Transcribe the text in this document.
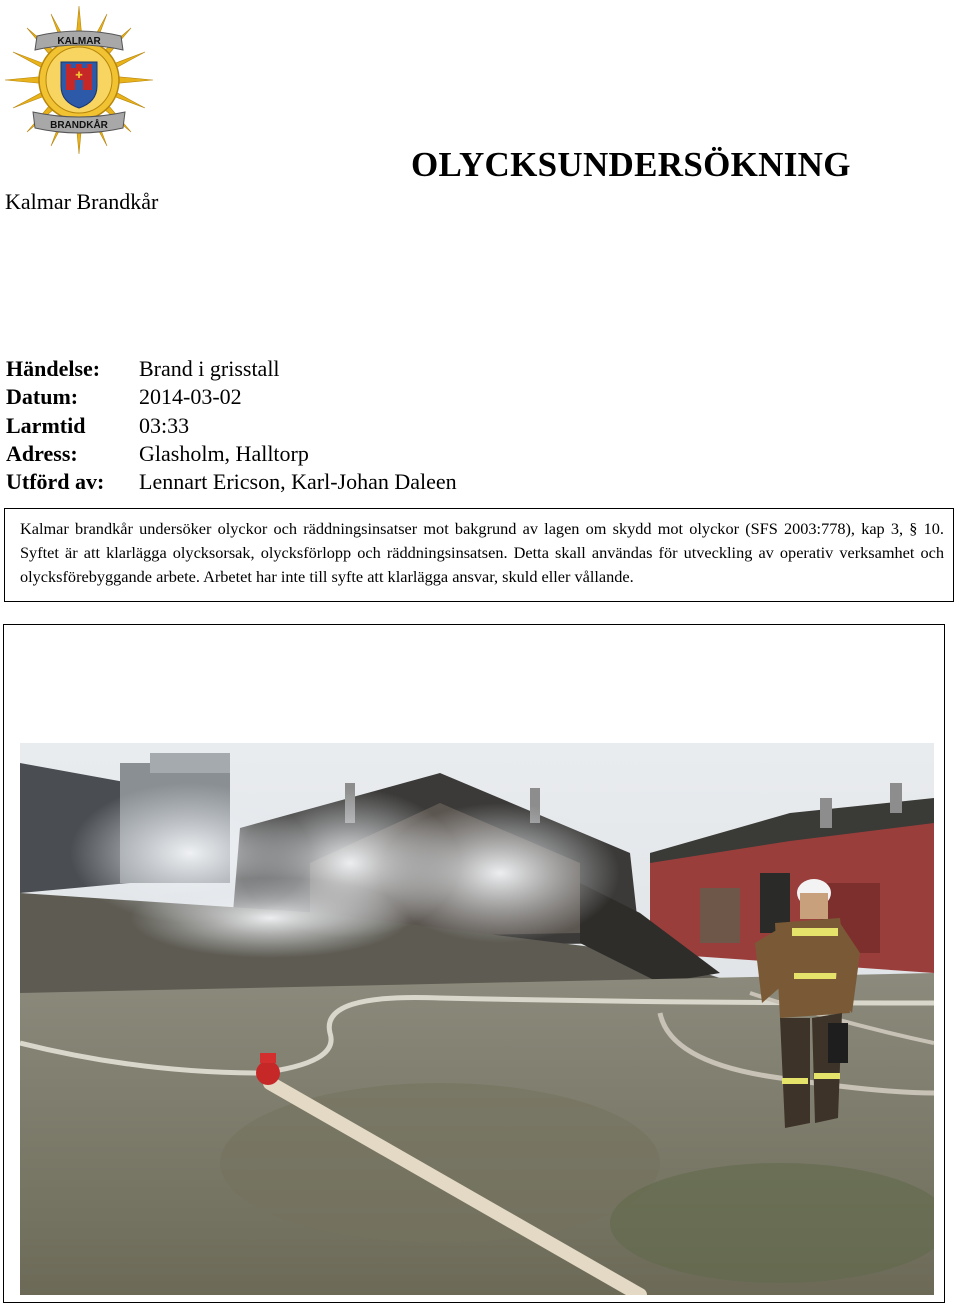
✚
KALMAR
BRANDKÅR
Kalmar Brandkår
OLYCKSUNDERSÖKNING
Händelse:	Brand i grisstall
Datum:	2014-03-02
Larmtid	03:33
Adress:	Glasholm, Halltorp
Utförd av:	Lennart Ericson, Karl-Johan Daleen
Kalmar brandkår undersöker olyckor och räddningsinsatser mot bakgrund av lagen om skydd mot olyckor (SFS 2003:778), kap 3, § 10. Syftet är att klarlägga olycksorsak, olycksförlopp och räddningsinsatsen. Detta skall användas för utveckling av operativ verksamhet och olycksförebyggande arbete. Arbetet har inte till syfte att klarlägga ansvar, skuld eller vållande.
